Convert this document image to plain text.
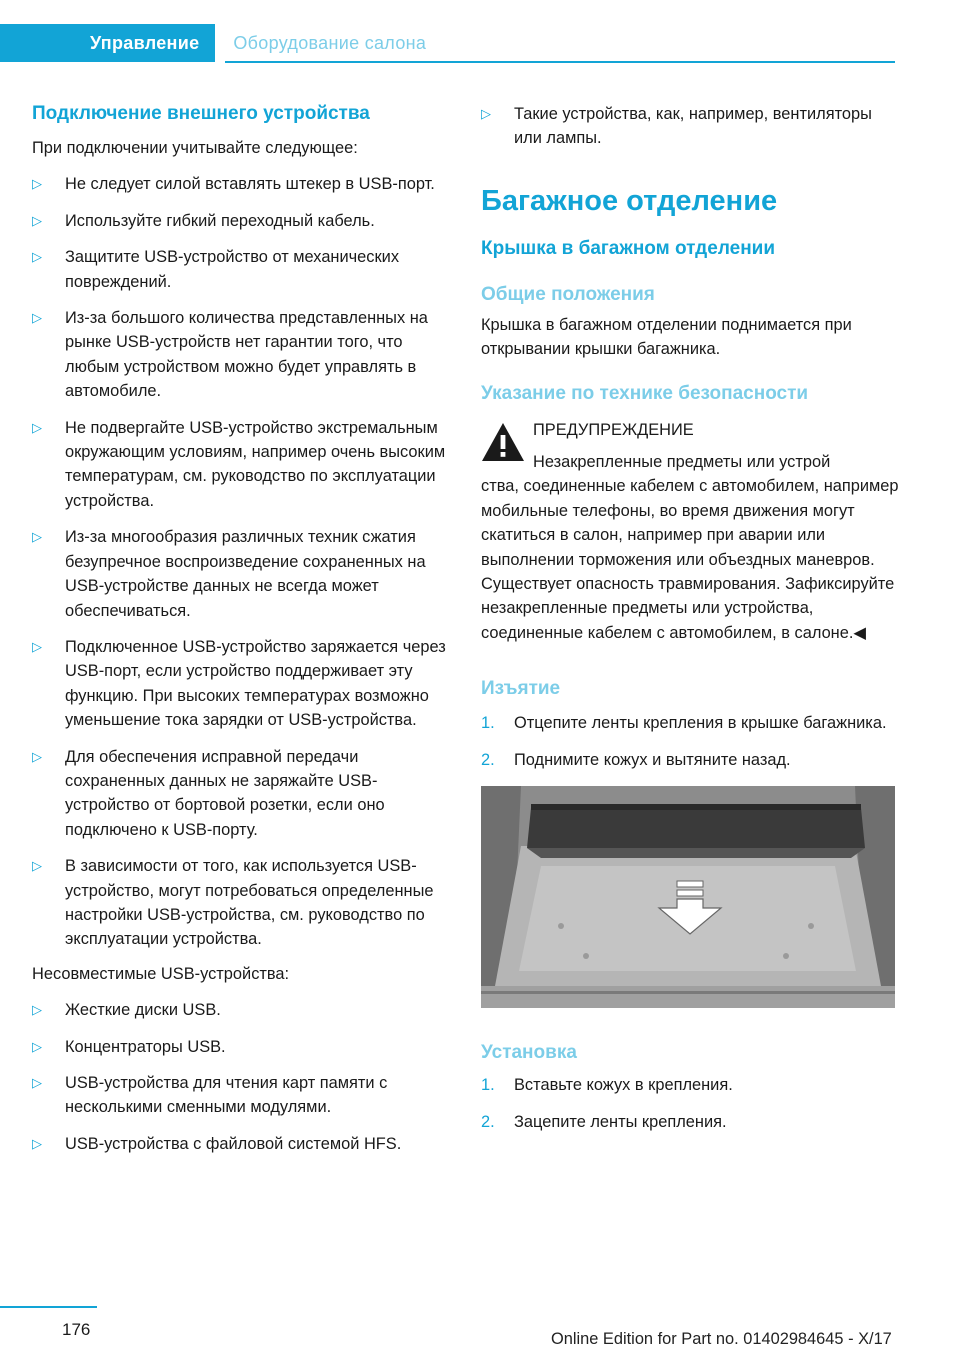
Управление	Оборудование салона
Подключение внешнего устройства

При подключении учитывайте следующее:

▷ Не следует силой вставлять штекер в USB-порт.
▷ Используйте гибкий переходный кабель.
▷ Защитите USB-устройство от механических повреждений.
▷ Из-за большого количества представленных на рынке USB-устройств нет гарантии того, что любым устройством можно будет управлять в автомобиле.
▷ Не подвергайте USB-устройство экстремальным окружающим условиям, например очень высоким температурам, см. руководство по эксплуатации устройства.
▷ Из-за многообразия различных техник сжатия безупречное воспроизведение сохраненных на USB-устройстве данных не всегда может обеспечиваться.
▷ Подключенное USB-устройство заряжается через USB-порт, если устройство поддерживает эту функцию. При высоких температурах возможно уменьшение тока зарядки от USB-устройства.
▷ Для обеспечения исправной передачи сохраненных данных не заряжайте USB-устройство от бортовой розетки, если оно подключено к USB-порту.
▷ В зависимости от того, как используется USB-устройство, могут потребоваться определенные настройки USB-устройства, см. руководство по эксплуатации устройства.

Несовместимые USB-устройства:

▷ Жесткие диски USB.
▷ Концентраторы USB.
▷ USB-устройства для чтения карт памяти с несколькими сменными модулями.
▷ USB-устройства с файловой системой HFS.
▷ Такие устройства, как, например, вентиляторы или лампы.
Багажное отделение
Крышка в багажном отделении
Общие положения

Крышка в багажном отделении поднимается при открывании крышки багажника.

Указание по технике безопасности
ПРЕДУПРЕЖДЕНИЕ
Незакрепленные предметы или устрой

ства, соединенные кабелем с автомобилем, например мобильные телефоны, во время движения могут скатиться в салон, например при аварии или выполнении торможения или объездных маневров. Существует опасность травмирования. Зафиксируйте незакрепленные предметы или устройства, соединенные кабелем с автомобилем, в салоне.◀

Изъятие
1. Отцепите ленты крепления в крышке багажника.
2. Поднимите кожух и вытяните назад.
Установка
1. Вставьте кожух в крепления.
2. Зацепите ленты крепления.
176	Online Edition for Part no. 01402984645 - X/17
